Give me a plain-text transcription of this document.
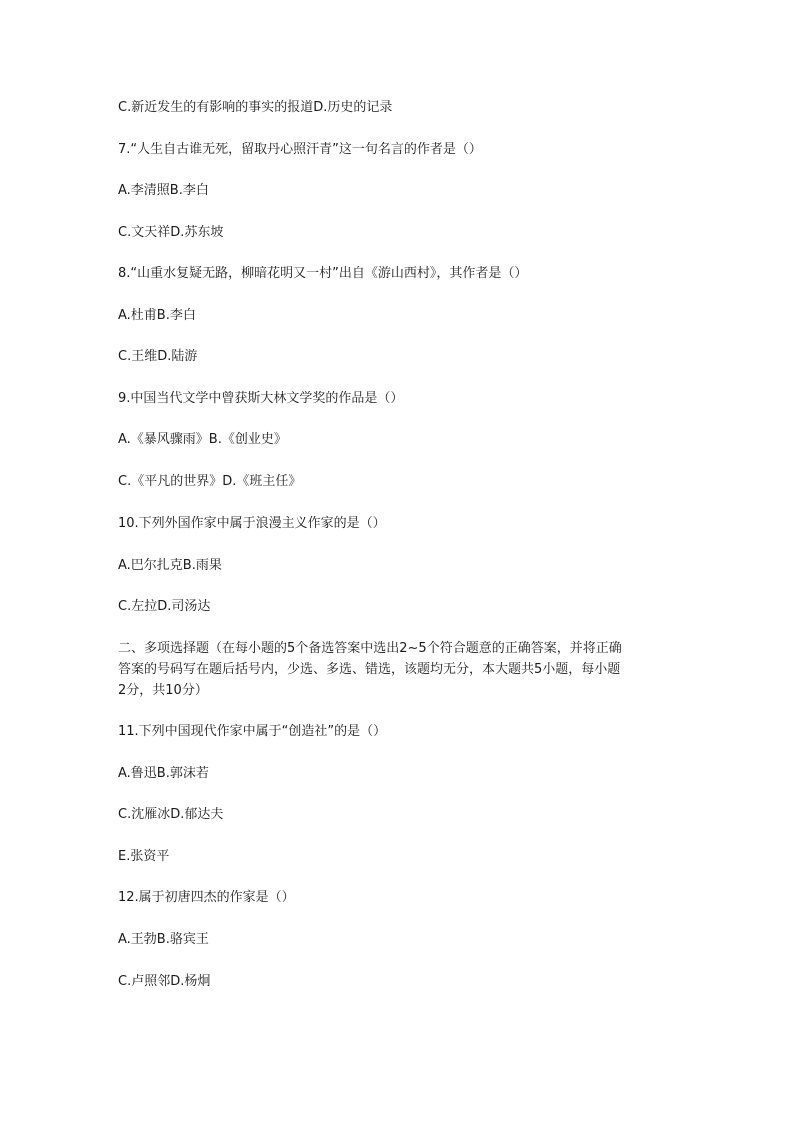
C.新近发生的有影响的事实的报道D.历史的记录
7.“人生自古谁无死，留取丹心照汗青”这一句名言的作者是（）
A.李清照B.李白
C.文天祥D.苏东坡
8.“山重水复疑无路，柳暗花明又一村”出自《游山西村》，其作者是（）
A.杜甫B.李白
C.王维D.陆游
9.中国当代文学中曾获斯大林文学奖的作品是（）
A.《暴风骤雨》B.《创业史》
C.《平凡的世界》D.《班主任》
10.下列外国作家中属于浪漫主义作家的是（）
A.巴尔扎克B.雨果
C.左拉D.司汤达
二、多项选择题（在每小题的5个备选答案中选出2~5个符合题意的正确答案，并将正确
答案的号码写在题后括号内，少选、多选、错选，该题均无分，本大题共5小题，每小题
2分，共10分）
11.下列中国现代作家中属于“创造社”的是（）
A.鲁迅B.郭沫若
C.沈雁冰D.郁达夫
E.张资平
12.属于初唐四杰的作家是（）
A.王勃B.骆宾王
C.卢照邻D.杨炯
